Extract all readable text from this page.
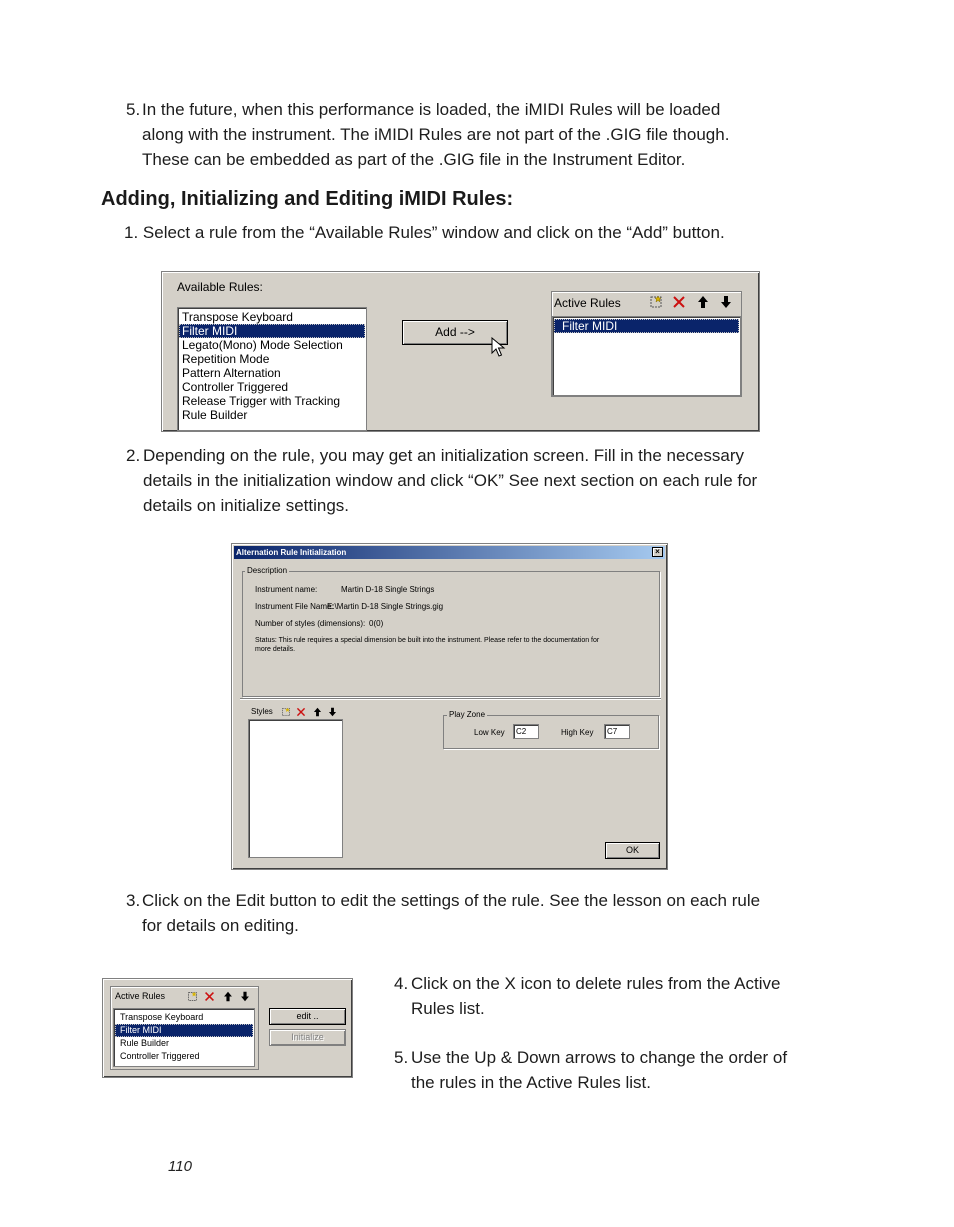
5. In the future, when this performance is loaded, the iMIDI Rules will be loaded
along with the instrument. The iMIDI Rules are not part of the .GIG file though.
These can be embedded as part of the .GIG file in the Instrument Editor.
Adding, Initializing and Editing iMIDI Rules:
1. Select a rule from the “Available Rules” window and click on the “Add” button.
Available Rules:
Transpose Keyboard
Filter MIDI
Legato(Mono) Mode Selection
Repetition Mode
Pattern Alternation
Controller Triggered
Release Trigger with Tracking
Rule Builder
Add -->
Active Rules
Filter MIDI
2. Depending on the rule, you may get an initialization screen. Fill in the necessary
details in the initialization window and click “OK” See next section on each rule for
details on initialize settings.
Alternation Rule Initialization	×
Description
Instrument name:	Martin D-18 Single Strings
Instrument File Name:
E:\Martin D-18 Single Strings.gig
Number of styles (dimensions): 0(0)
Status: This rule requires a special dimension be built into the instrument. Please refer to the documentation for
more details.
Styles	Play Zone
Low Key	C2	High Key	C7
OK
3. Click on the Edit button to edit the settings of the rule. See the lesson on each rule
for details on editing.
Active Rules
Transpose Keyboard
Filter MIDI
Rule Builder
Controller Triggered
edit ..
Initialize
4. Click on the X icon to delete rules from the Active
Rules list.
5. Use the Up & Down arrows to change the order of
the rules in the Active Rules list.
110
